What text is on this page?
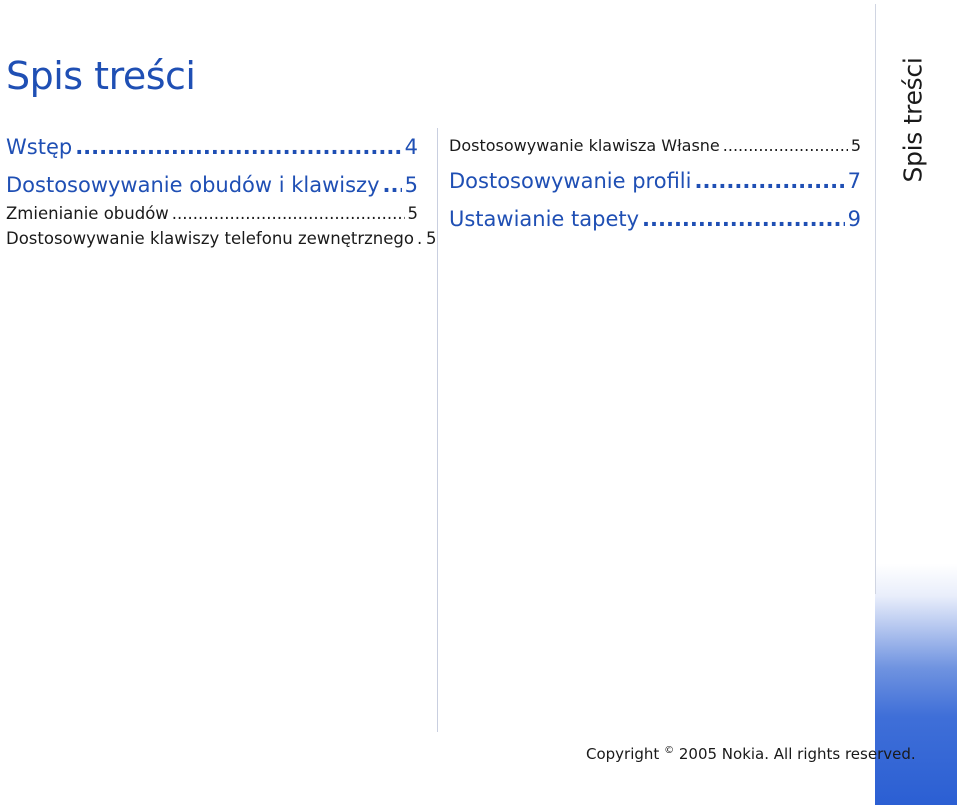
Spis treści
Spis treści
Wstęp .....	4
Dostosowywanie obudów i klawiszy ..... 5
Zmienianie obudów .....	5
Dostosowywanie klawiszy telefonu zewnętrznego ..... 5
Dostosowywanie klawisza Własne .....	5
Dostosowywanie profili .....	7
Ustawianie tapety .....	9
Copyright © 2005 Nokia. All rights reserved.
